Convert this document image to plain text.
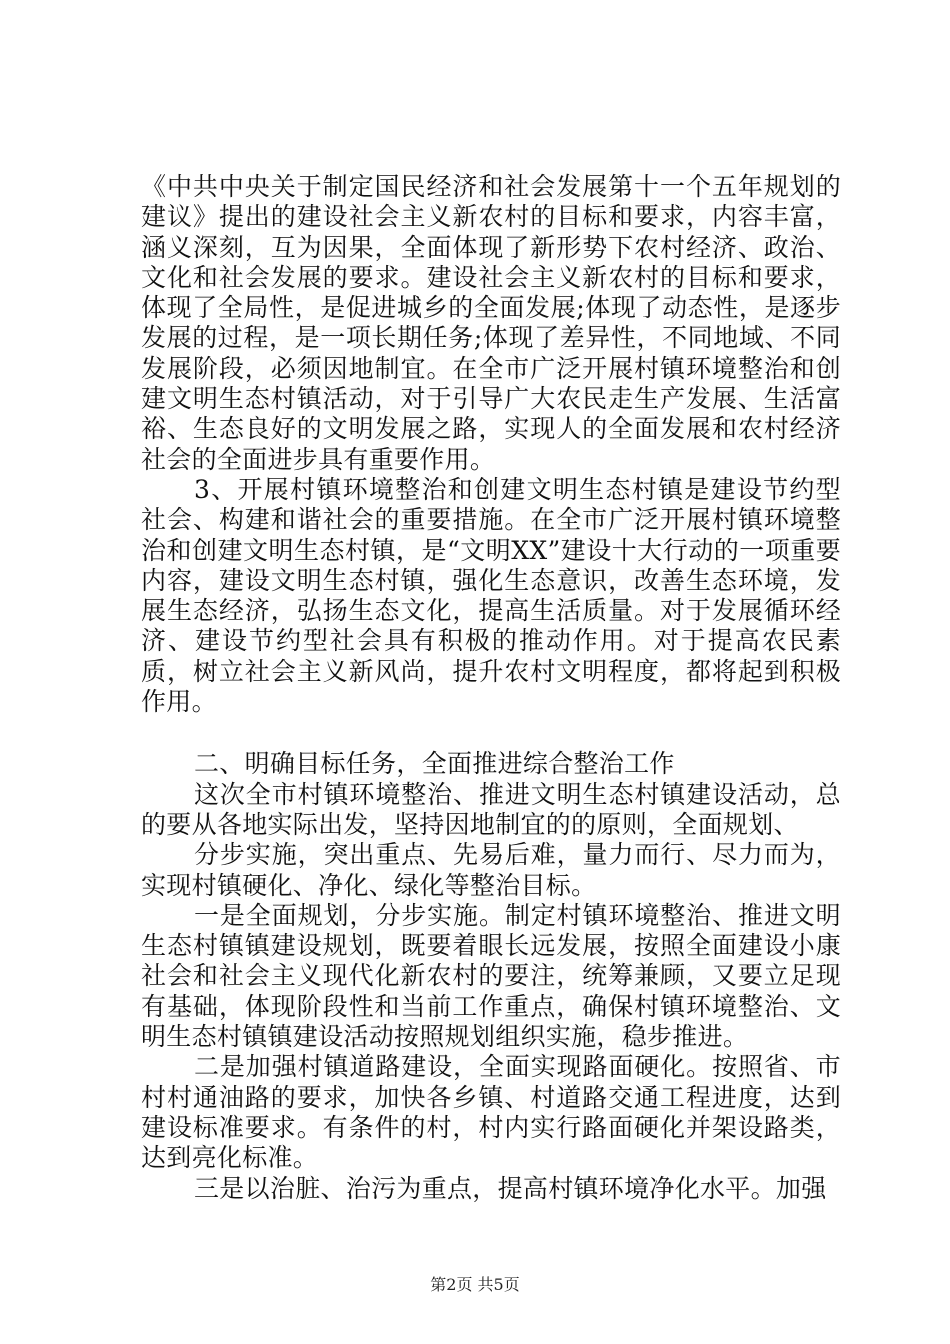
《中共中央关于制定国民经济和社会发展第十一个五年规划的建议》提出的建设社会主义新农村的目标和要求，内容丰富，涵义深刻，互为因果，全面体现了新形势下农村经济、政治、文化和社会发展的要求。建设社会主义新农村的目标和要求，体现了全局性，是促进城乡的全面发展;体现了动态性，是逐步发展的过程，是一项长期任务;体现了差异性，不同地域、不同发展阶段，必须因地制宜。在全市广泛开展村镇环境整治和创建文明生态村镇活动，对于引导广大农民走生产发展、生活富裕、生态良好的文明发展之路，实现人的全面发展和农村经济社会的全面进步具有重要作用。

3、开展村镇环境整治和创建文明生态村镇是建设节约型社会、构建和谐社会的重要措施。在全市广泛开展村镇环境整治和创建文明生态村镇，是“文明XX”建设十大行动的一项重要内容，建设文明生态村镇，强化生态意识，改善生态环境，发展生态经济，弘扬生态文化，提高生活质量。对于发展循环经济、建设节约型社会具有积极的推动作用。对于提高农民素质，树立社会主义新风尚，提升农村文明程度，都将起到积极作用。

二、明确目标任务，全面推进综合整治工作

这次全市村镇环境整治、推进文明生态村镇建设活动，总的要从各地实际出发，坚持因地制宜的的原则，全面规划、

分步实施，突出重点、先易后难，量力而行、尽力而为，实现村镇硬化、净化、绿化等整治目标。

一是全面规划，分步实施。制定村镇环境整治、推进文明生态村镇镇建设规划，既要着眼长远发展，按照全面建设小康社会和社会主义现代化新农村的要注，统筹兼顾，又要立足现有基础，体现阶段性和当前工作重点，确保村镇环境整治、文明生态村镇镇建设活动按照规划组织实施，稳步推进。

二是加强村镇道路建设，全面实现路面硬化。按照省、市村村通油路的要求，加快各乡镇、村道路交通工程进度，达到建设标准要求。有条件的村，村内实行路面硬化并架设路类，达到亮化标准。

三是以治脏、治污为重点，提高村镇环境净化水平。加强

第2页 共5页
